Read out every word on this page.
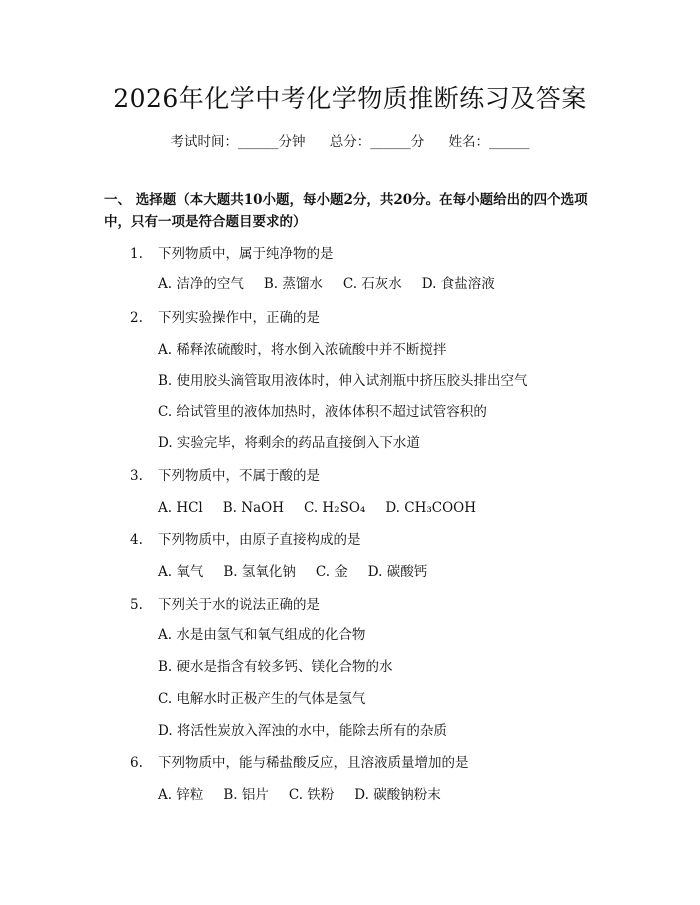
2026年化学中考化学物质推断练习及答案
考试时间：______分钟 总分：______分 姓名：______
一、 选择题（本大题共10小题，每小题2分，共20分。在每小题给出的四个选项中，只有一项是符合题目要求的）
1. 下列物质中，属于纯净物的是
A. 洁净的空气 B. 蒸馏水 C. 石灰水 D. 食盐溶液
2. 下列实验操作中，正确的是
A. 稀释浓硫酸时，将水倒入浓硫酸中并不断搅拌
B. 使用胶头滴管取用液体时，伸入试剂瓶中挤压胶头排出空气
C. 给试管里的液体加热时，液体体积不超过试管容积的
D. 实验完毕，将剩余的药品直接倒入下水道
3. 下列物质中，不属于酸的是
A. HCl B. NaOH C. H₂SO₄ D. CH₃COOH
4. 下列物质中，由原子直接构成的是
A. 氧气 B. 氢氧化钠 C. 金 D. 碳酸钙
5. 下列关于水的说法正确的是
A. 水是由氢气和氧气组成的化合物
B. 硬水是指含有较多钙、镁化合物的水
C. 电解水时正极产生的气体是氢气
D. 将活性炭放入浑浊的水中，能除去所有的杂质
6. 下列物质中，能与稀盐酸反应，且溶液质量增加的是
A. 锌粒 B. 铝片 C. 铁粉 D. 碳酸钠粉末
